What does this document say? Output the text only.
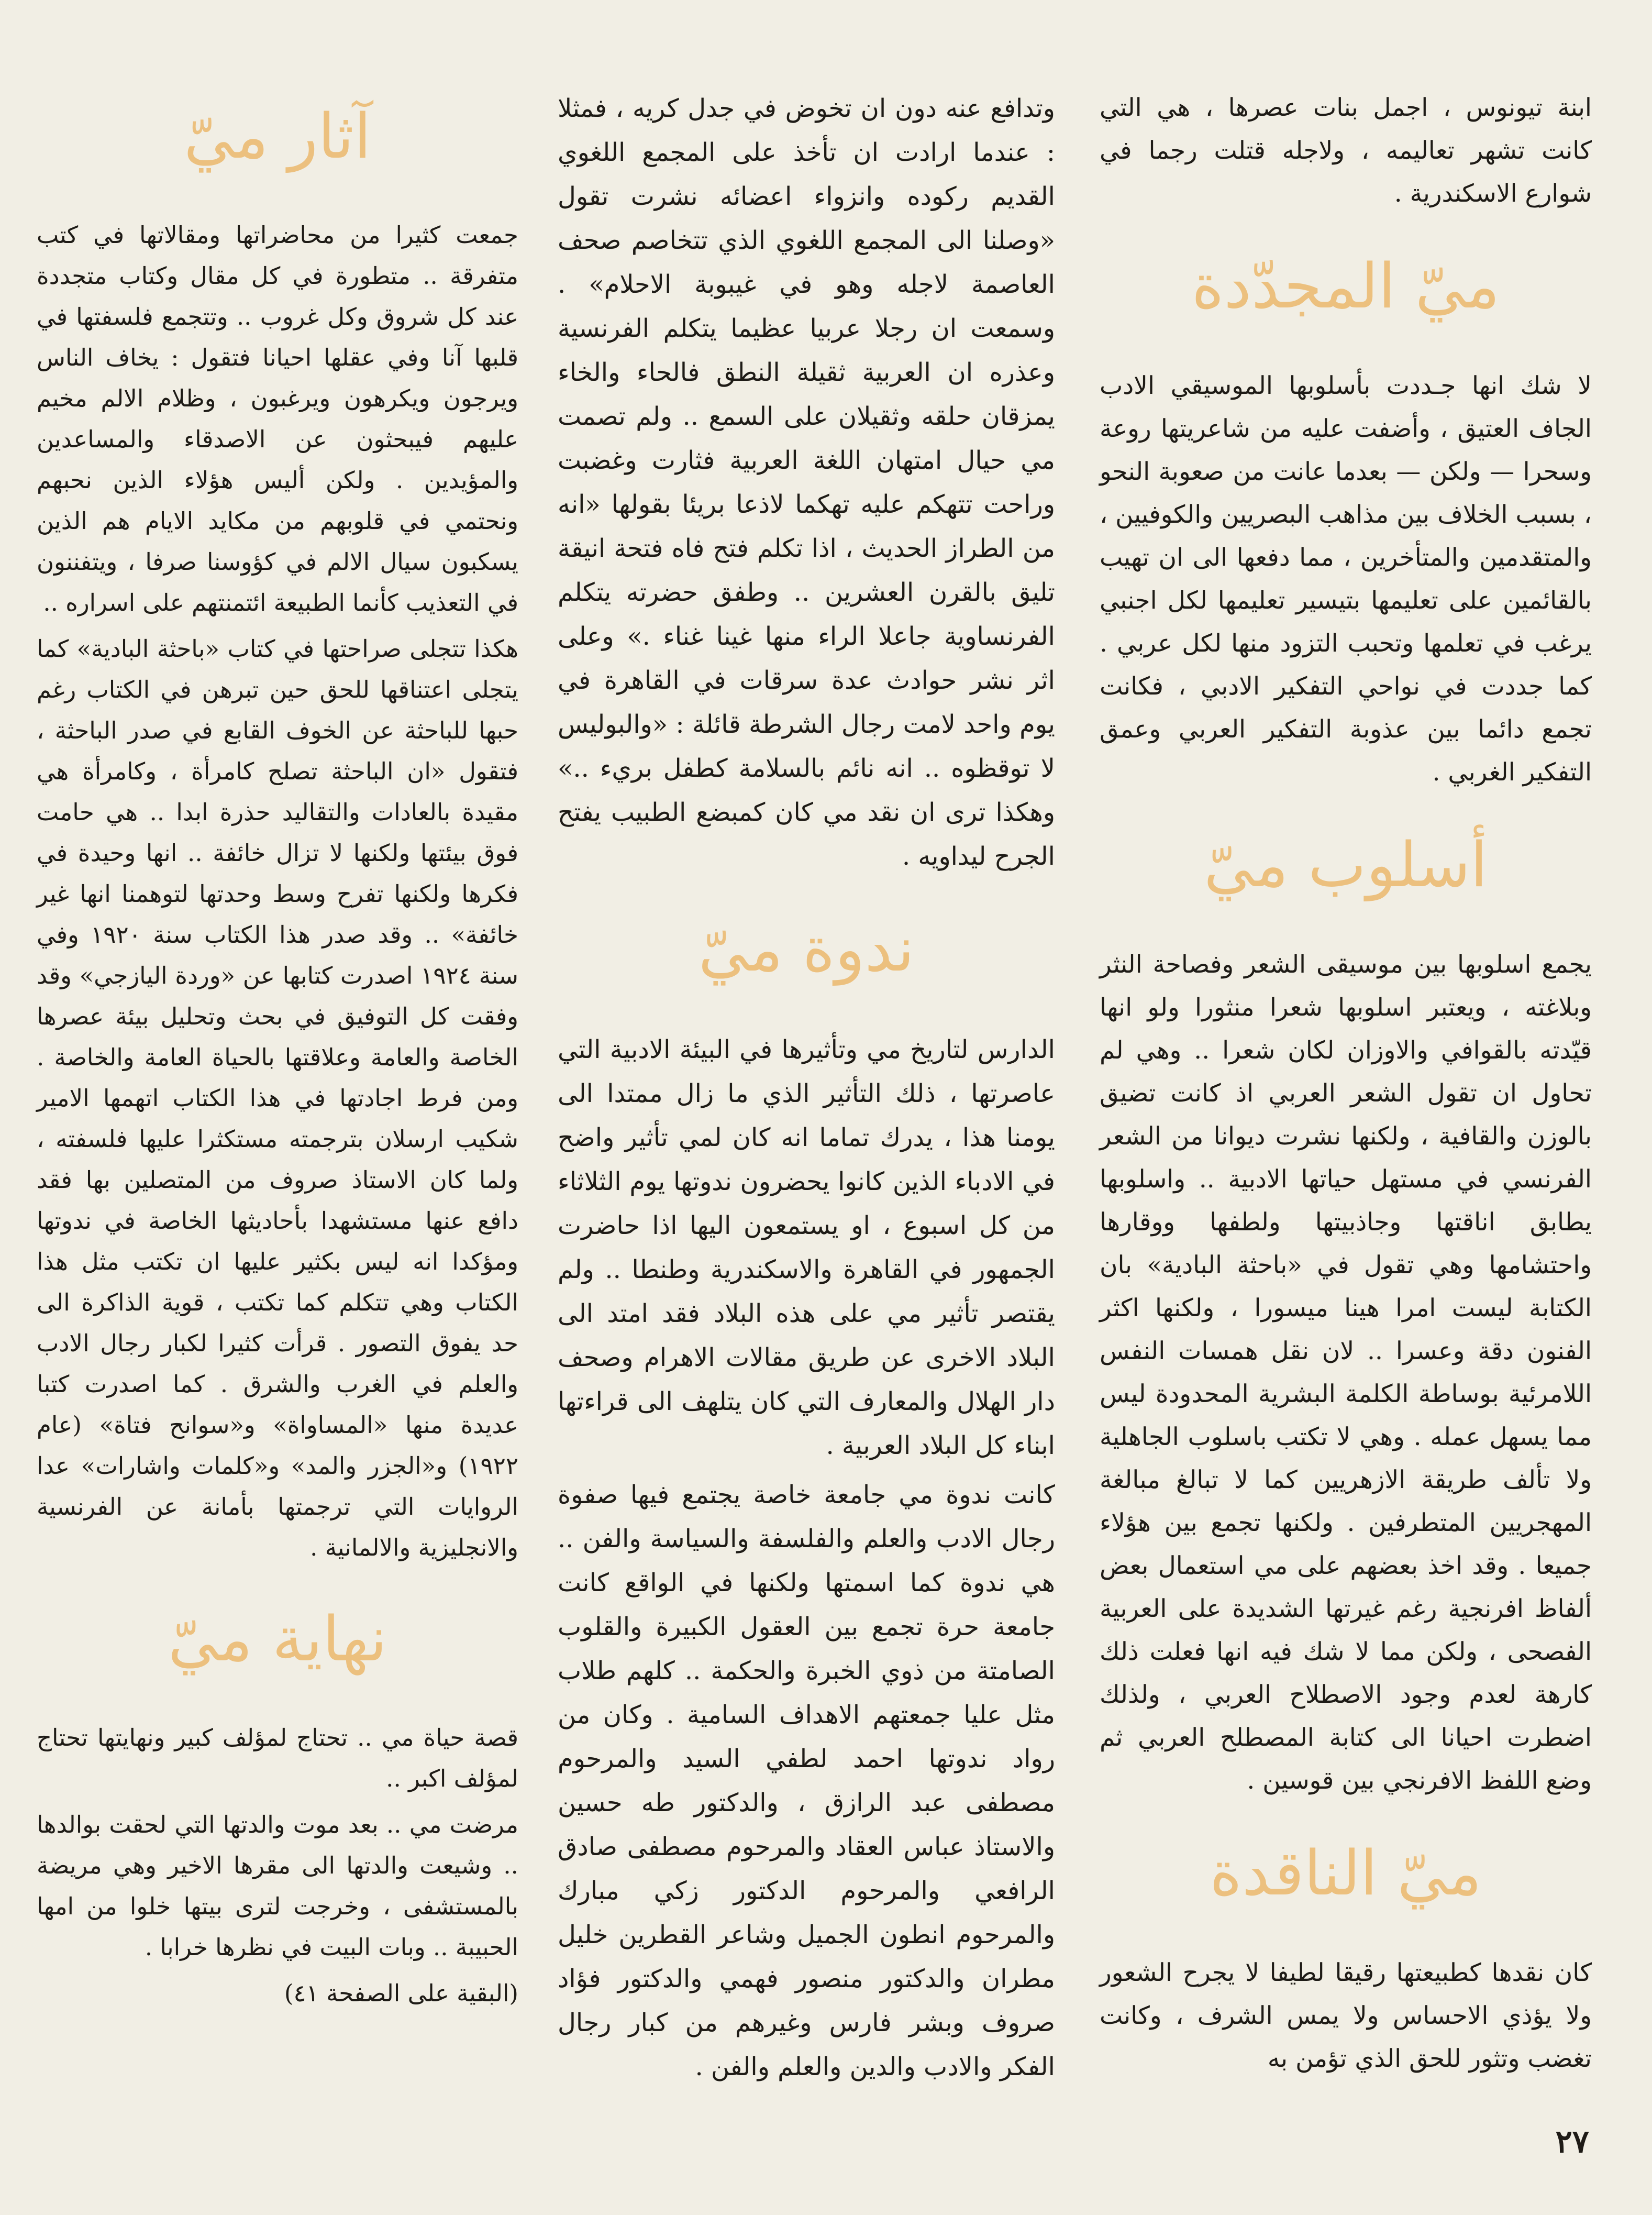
ابنة تيونوس ، اجمل بنات عصرها ، هي التي كانت تشهر تعاليمه ، ولاجله قتلت رجما في شوارع الاسكندرية .

ميّ المجدّدة

لا شك انها جـددت بأسلوبها الموسيقي الادب الجاف العتيق ، وأضفت عليه من شاعريتها روعة وسحرا — ولكن — بعدما عانت من صعوبة النحو ، بسبب الخلاف بين مذاهب البصريين والكوفيين ، والمتقدمين والمتأخرين ، مما دفعها الى ان تهيب بالقائمين على تعليمها بتيسير تعليمها لكل اجنبي يرغب في تعلمها وتحبب التزود منها لكل عربي . كما جددت في نواحي التفكير الادبي ، فكانت تجمع دائما بين عذوبة التفكير العربي وعمق التفكير الغربي .

أسلوب ميّ

يجمع اسلوبها بين موسيقى الشعر وفصاحة النثر وبلاغته ، ويعتبر اسلوبها شعرا منثورا ولو انها قيّدته بالقوافي والاوزان لكان شعرا .. وهي لم تحاول ان تقول الشعر العربي اذ كانت تضيق بالوزن والقافية ، ولكنها نشرت ديوانا من الشعر الفرنسي في مستهل حياتها الادبية .. واسلوبها يطابق اناقتها وجاذبيتها ولطفها ووقارها واحتشامها وهي تقول في «باحثة البادية» بان الكتابة ليست امرا هينا ميسورا ، ولكنها اكثر الفنون دقة وعسرا .. لان نقل همسات النفس اللامرئية بوساطة الكلمة البشرية المحدودة ليس مما يسهل عمله . وهي لا تكتب باسلوب الجاهلية ولا تألف طريقة الازهريين كما لا تبالغ مبالغة المهجريين المتطرفين . ولكنها تجمع بين هؤلاء جميعا . وقد اخذ بعضهم على مي استعمال بعض ألفاظ افرنجية رغم غيرتها الشديدة على العربية الفصحى ، ولكن مما لا شك فيه انها فعلت ذلك كارهة لعدم وجود الاصطلاح العربي ، ولذلك اضطرت احيانا الى كتابة المصطلح العربي ثم وضع اللفظ الافرنجي بين قوسين .

ميّ الناقدة

كان نقدها كطبيعتها رقيقا لطيفا لا يجرح الشعور ولا يؤذي الاحساس ولا يمس الشرف ، وكانت تغضب وتثور للحق الذي تؤمن به

وتدافع عنه دون ان تخوض في جدل كريه ، فمثلا : عندما ارادت ان تأخذ على المجمع اللغوي القديم ركوده وانزواء اعضائه نشرت تقول «وصلنا الى المجمع اللغوي الذي تتخاصم صحف العاصمة لاجله وهو في غيبوبة الاحلام» . وسمعت ان رجلا عربيا عظيما يتكلم الفرنسية وعذره ان العربية ثقيلة النطق فالحاء والخاء يمزقان حلقه وثقيلان على السمع .. ولم تصمت مي حيال امتهان اللغة العربية فثارت وغضبت وراحت تتهكم عليه تهكما لاذعا بريئا بقولها «انه من الطراز الحديث ، اذا تكلم فتح فاه فتحة انيقة تليق بالقرن العشرين .. وطفق حضرته يتكلم الفرنساوية جاعلا الراء منها غينا غناء .» وعلى اثر نشر حوادث عدة سرقات في القاهرة في يوم واحد لامت رجال الشرطة قائلة : «والبوليس لا توقظوه .. انه نائم بالسلامة كطفل بريء ..» وهكذا ترى ان نقد مي كان كمبضع الطبيب يفتح الجرح ليداويه .

ندوة ميّ

الدارس لتاريخ مي وتأثيرها في البيئة الادبية التي عاصرتها ، ذلك التأثير الذي ما زال ممتدا الى يومنا هذا ، يدرك تماما انه كان لمي تأثير واضح في الادباء الذين كانوا يحضرون ندوتها يوم الثلاثاء من كل اسبوع ، او يستمعون اليها اذا حاضرت الجمهور في القاهرة والاسكندرية وطنطا .. ولم يقتصر تأثير مي على هذه البلاد فقد امتد الى البلاد الاخرى عن طريق مقالات الاهرام وصحف دار الهلال والمعارف التي كان يتلهف الى قراءتها ابناء كل البلاد العربية .

كانت ندوة مي جامعة خاصة يجتمع فيها صفوة رجال الادب والعلم والفلسفة والسياسة والفن .. هي ندوة كما اسمتها ولكنها في الواقع كانت جامعة حرة تجمع بين العقول الكبيرة والقلوب الصامتة من ذوي الخبرة والحكمة .. كلهم طلاب مثل عليا جمعتهم الاهداف السامية . وكان من رواد ندوتها احمد لطفي السيد والمرحوم مصطفى عبد الرازق ، والدكتور طه حسين والاستاذ عباس العقاد والمرحوم مصطفى صادق الرافعي والمرحوم الدكتور زكي مبارك والمرحوم انطون الجميل وشاعر القطرين خليل مطران والدكتور منصور فهمي والدكتور فؤاد صروف وبشر فارس وغيرهم من كبار رجال الفكر والادب والدين والعلم والفن .

آثار ميّ

جمعت كثيرا من محاضراتها ومقالاتها في كتب متفرقة .. متطورة في كل مقال وكتاب متجددة عند كل شروق وكل غروب .. وتتجمع فلسفتها في قلبها آنا وفي عقلها احيانا فتقول : يخاف الناس ويرجون ويكرهون ويرغبون ، وظلام الالم مخيم عليهم فيبحثون عن الاصدقاء والمساعدين والمؤيدين . ولكن أليس هؤلاء الذين نحبهم ونحتمي في قلوبهم من مكايد الايام هم الذين يسكبون سيال الالم في كؤوسنا صرفا ، ويتفننون في التعذيب كأنما الطبيعة ائتمنتهم على اسراره ..

هكذا تتجلى صراحتها في كتاب «باحثة البادية» كما يتجلى اعتناقها للحق حين تبرهن في الكتاب رغم حبها للباحثة عن الخوف القابع في صدر الباحثة ، فتقول «ان الباحثة تصلح كامرأة ، وكامرأة هي مقيدة بالعادات والتقاليد حذرة ابدا .. هي حامت فوق بيئتها ولكنها لا تزال خائفة .. انها وحيدة في فكرها ولكنها تفرح وسط وحدتها لتوهمنا انها غير خائفة» .. وقد صدر هذا الكتاب سنة ١٩٢٠ وفي سنة ١٩٢٤ اصدرت كتابها عن «وردة اليازجي» وقد وفقت كل التوفيق في بحث وتحليل بيئة عصرها الخاصة والعامة وعلاقتها بالحياة العامة والخاصة . ومن فرط اجادتها في هذا الكتاب اتهمها الامير شكيب ارسلان بترجمته مستكثرا عليها فلسفته ، ولما كان الاستاذ صروف من المتصلين بها فقد دافع عنها مستشهدا بأحاديثها الخاصة في ندوتها ومؤكدا انه ليس بكثير عليها ان تكتب مثل هذا الكتاب وهي تتكلم كما تكتب ، قوية الذاكرة الى حد يفوق التصور . قرأت كثيرا لكبار رجال الادب والعلم في الغرب والشرق . كما اصدرت كتبا عديدة منها «المساواة» و«سوانح فتاة» (عام ١٩٢٢) و«الجزر والمد» و«كلمات واشارات» عدا الروايات التي ترجمتها بأمانة عن الفرنسية والانجليزية والالمانية .

نهاية ميّ

قصة حياة مي .. تحتاج لمؤلف كبير ونهايتها تحتاج لمؤلف اكبر ..

مرضت مي .. بعد موت والدتها التي لحقت بوالدها .. وشيعت والدتها الى مقرها الاخير وهي مريضة بالمستشفى ، وخرجت لترى بيتها خلوا من امها الحبيبة .. وبات البيت في نظرها خرابا .

(البقية على الصفحة ٤١)

٢٧
